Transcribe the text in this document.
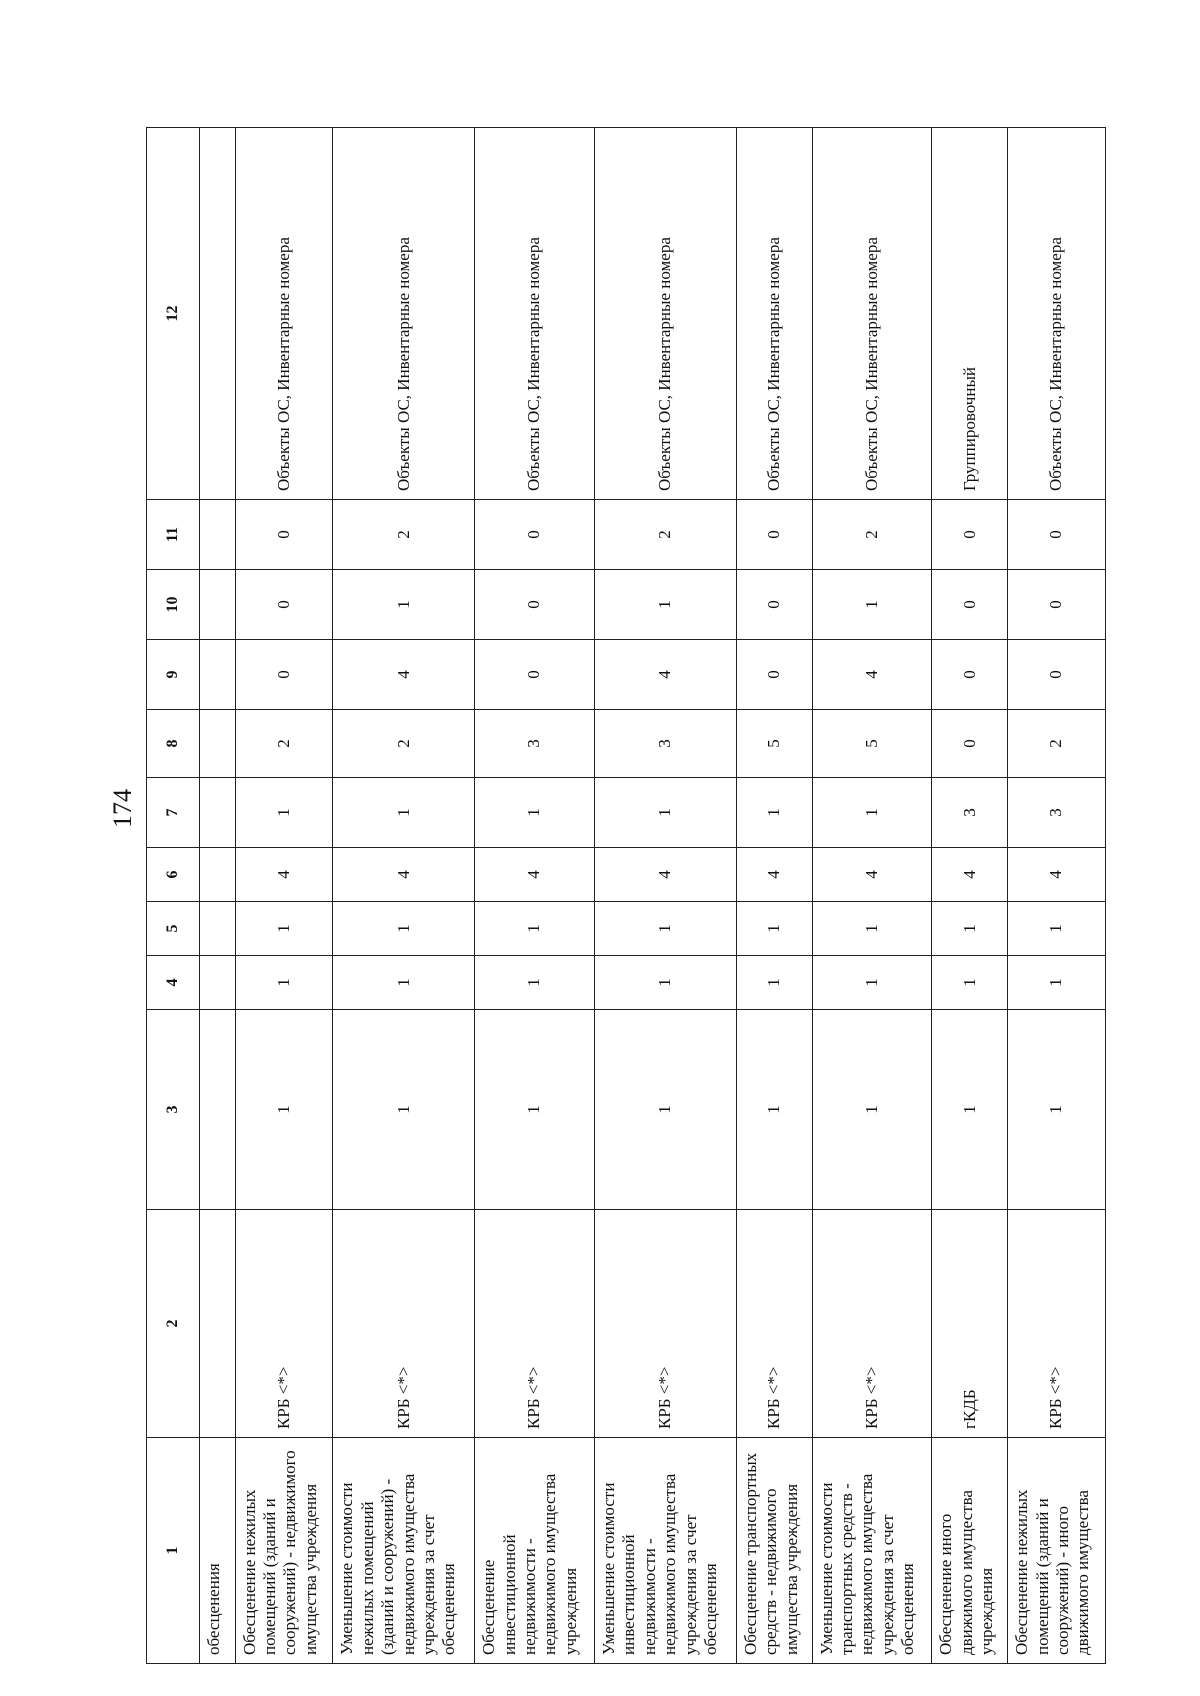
174
1	2	3	4	5	6	7	8	9	10	11	12
обесценения											
Обесценение нежилых помещений (зданий и сооружений) - недвижимого имущества учреждения	КРБ <*>	1	1	1	4	1	2	0	0	0	Объекты ОС, Инвентарные номера
Уменьшение стоимости нежилых помещений (зданий и сооружений) - недвижимого имущества учреждения за счет обесценения	КРБ <*>	1	1	1	4	1	2	4	1	2	Объекты ОС, Инвентарные номера
Обесценение инвестиционной недвижимости - недвижимого имущества учреждения	КРБ <*>	1	1	1	4	1	3	0	0	0	Объекты ОС, Инвентарные номера
Уменьшение стоимости инвестиционной недвижимости - недвижимого имущества учреждения за счет обесценения	КРБ <*>	1	1	1	4	1	3	4	1	2	Объекты ОС, Инвентарные номера
Обесценение транспортных средств - недвижимого имущества учреждения	КРБ <*>	1	1	1	4	1	5	0	0	0	Объекты ОС, Инвентарные номера
Уменьшение стоимости транспортных средств - недвижимого имущества учреждения за счет обесценения	КРБ <*>	1	1	1	4	1	5	4	1	2	Объекты ОС, Инвентарные номера
Обесценение иного движимого имущества учреждения	гКДБ	1	1	1	4	3	0	0	0	0	Группировочный
Обесценение нежилых помещений (зданий и сооружений) - иного движимого имущества	КРБ <*>	1	1	1	4	3	2	0	0	0	Объекты ОС, Инвентарные номера
